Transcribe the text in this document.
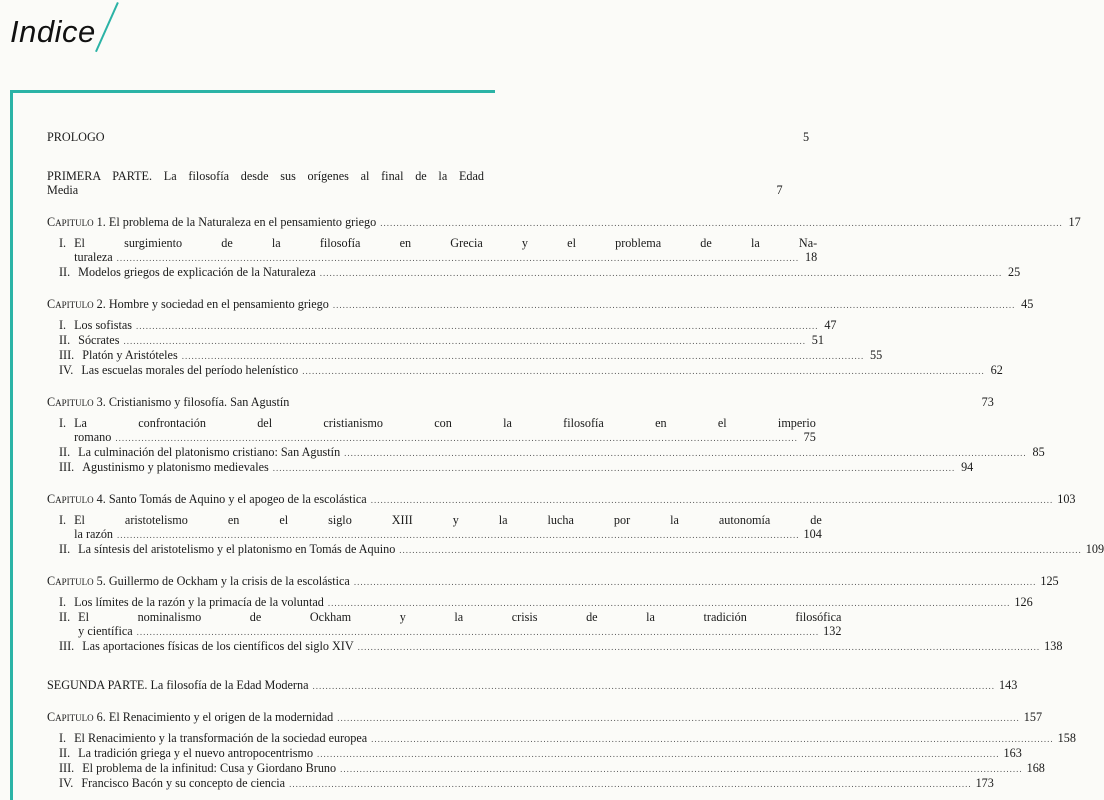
Indice
PROLOGO	5
PRIMERA PARTE. La filosofía desde sus orígenes al final de la Edad
Media	7
Capitulo 1. El problema de la Naturaleza en el pensamiento griego .....	17
I. El surgimiento de la filosofía en Grecia y el problema de la Na-
turaleza .....	18
II. Modelos griegos de explicación de la Naturaleza .....	25
Capitulo 2. Hombre y sociedad en el pensamiento griego .....	45
I. Los sofistas .....	47
II. Sócrates .....	51
III. Platón y Aristóteles .....	55
IV. Las escuelas morales del período helenístico .....	62
Capitulo 3. Cristianismo y filosofía. San Agustín	73
I. La confrontación del cristianismo con la filosofía en el imperio
romano .....	75
II. La culminación del platonismo cristiano: San Agustín .....	85
III. Agustinismo y platonismo medievales .....	94
Capitulo 4. Santo Tomás de Aquino y el apogeo de la escolástica .....	103
I. El aristotelismo en el siglo XIII y la lucha por la autonomía de
la razón .....	104
II. La síntesis del aristotelismo y el platonismo en Tomás de Aquino .....	109
Capitulo 5. Guillermo de Ockham y la crisis de la escolástica .....	125
I. Los límites de la razón y la primacía de la voluntad .....	126
II. El nominalismo de Ockham y la crisis de la tradición filosófica
y científica .....	132
III. Las aportaciones físicas de los científicos del siglo XIV .....	138
SEGUNDA PARTE. La filosofía de la Edad Moderna .....	143
Capitulo 6. El Renacimiento y el origen de la modernidad .....	157
I. El Renacimiento y la transformación de la sociedad europea .....	158
II. La tradición griega y el nuevo antropocentrismo .....	163
III. El problema de la infinitud: Cusa y Giordano Bruno .....	168
IV. Francisco Bacón y su concepto de ciencia .....	173
